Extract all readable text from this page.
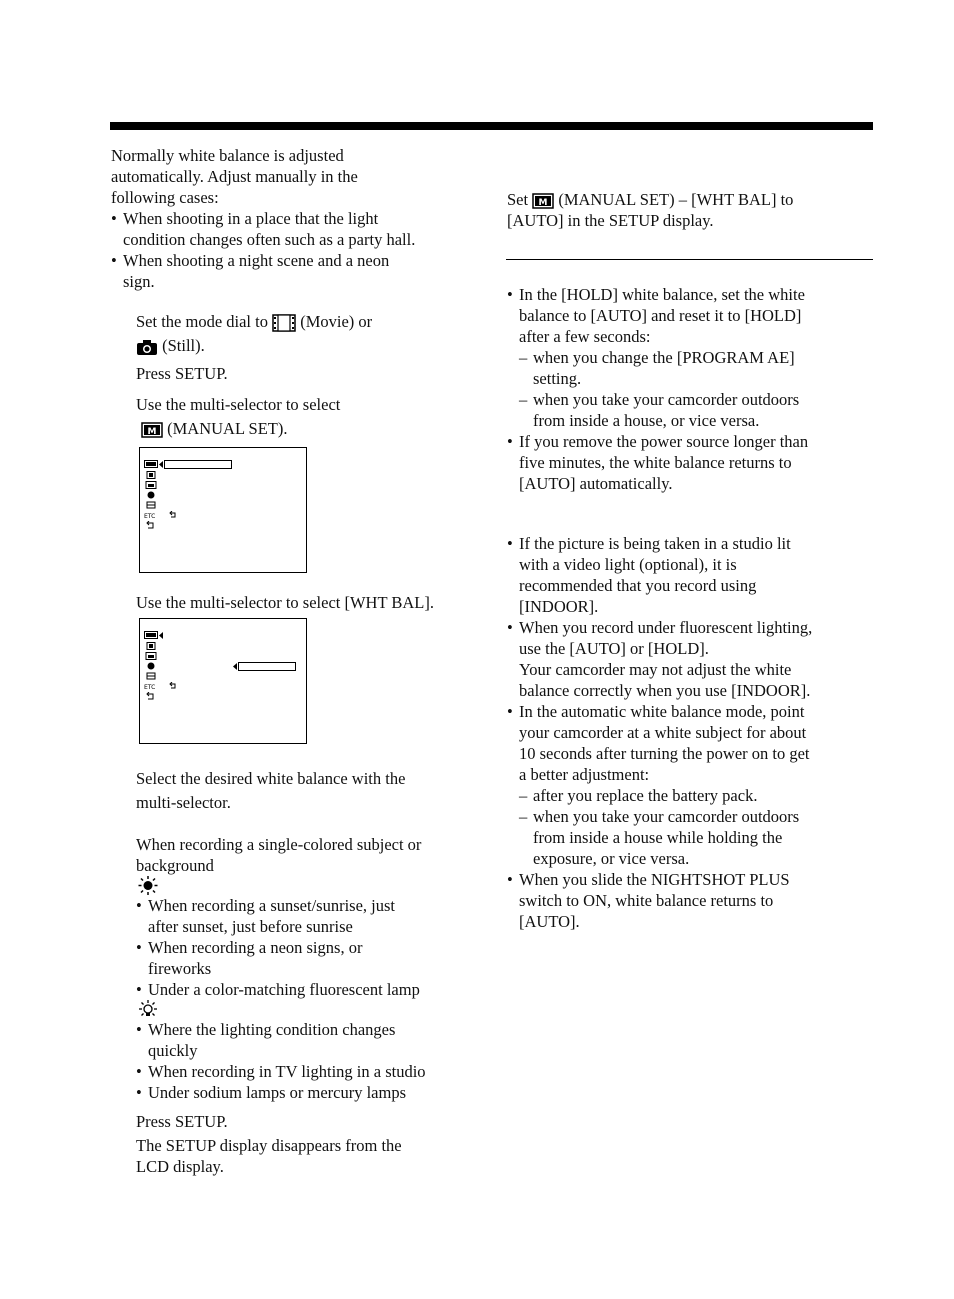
Normally white balance is adjusted
automatically. Adjust manually in the
following cases:
• When shooting in a place that the light
condition changes often such as a party hall.
• When shooting a night scene and a neon
sign.
Set the mode dial to (Movie) or
(Still).
Press SETUP.
Use the multi-selector to select
M (MANUAL SET).
ETC
Use the multi-selector to select [WHT BAL].
ETC
Select the desired white balance with the
multi-selector.
When recording a single-colored subject or
background
• When recording a sunset/sunrise, just
after sunset, just before sunrise
• When recording a neon signs, or
fireworks
• Under a color-matching fluorescent lamp
• Where the lighting condition changes
quickly
• When recording in TV lighting in a studio
• Under sodium lamps or mercury lamps
Press SETUP.
The SETUP display disappears from the
LCD display.
Set M (MANUAL SET) – [WHT BAL] to
[AUTO] in the SETUP display.
• In the [HOLD] white balance, set the white
balance to [AUTO] and reset it to [HOLD]
after a few seconds:
– when you change the [PROGRAM AE]
setting.
– when you take your camcorder outdoors
from inside a house, or vice versa.
• If you remove the power source longer than
five minutes, the white balance returns to
[AUTO] automatically.
• If the picture is being taken in a studio lit
with a video light (optional), it is
recommended that you record using
[INDOOR].
• When you record under fluorescent lighting,
use the [AUTO] or [HOLD].
Your camcorder may not adjust the white
balance correctly when you use [INDOOR].
• In the automatic white balance mode, point
your camcorder at a white subject for about
10 seconds after turning the power on to get
a better adjustment:
– after you replace the battery pack.
– when you take your camcorder outdoors
from inside a house while holding the
exposure, or vice versa.
• When you slide the NIGHTSHOT PLUS
switch to ON, white balance returns to
[AUTO].
